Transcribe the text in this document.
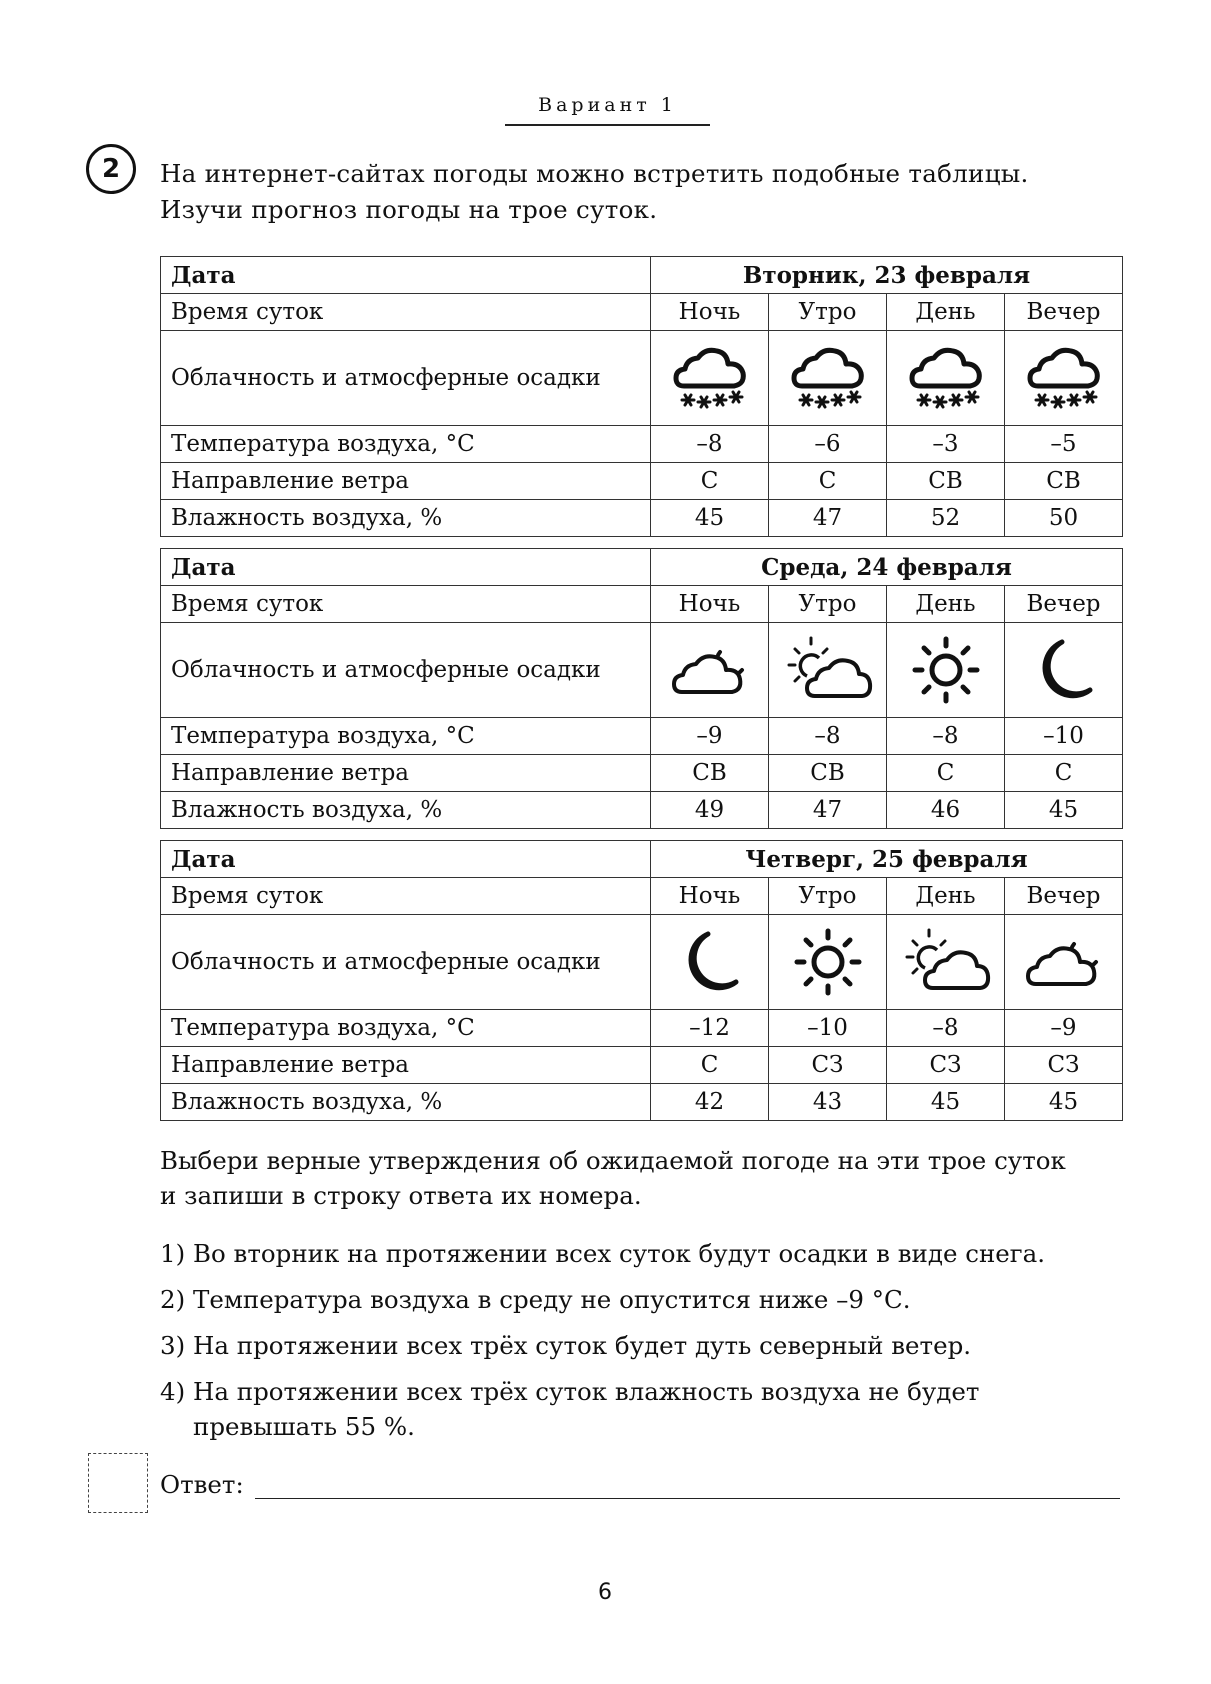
Вариант 1
2	На интернет-сайтах погоды можно встретить подобные таблицы.

Изучи прогноз погоды на трое суток.

Дата	Вторник, 23 февраля			
Время суток	Ночь	Утро	День	Вечер
Облачность и атмосферные осадки	

Температура воздуха, °С	–8	–6	–3	–5
Направление ветра	С	С	СВ	СВ
Влажность воздуха, %	45	47	52	50
Дата	Среда, 24 февраля			
Время суток	Ночь	Утро	День	Вечер
Облачность и атмосферные осадки	

Температура воздуха, °С	–9	–8	–8	–10
Направление ветра	СВ	СВ	С	С
Влажность воздуха, %	49	47	46	45
Дата	Четверг, 25 февраля			
Время суток	Ночь	Утро	День	Вечер
Облачность и атмосферные осадки	

Температура воздуха, °С	–12	–10	–8	–9
Направление ветра	С	СЗ	СЗ	СЗ
Влажность воздуха, %	42	43	45	45

Выбери верные утверждения об ожидаемой погоде на эти трое суток

и запиши в строку ответа их номера.

1) Во вторник на протяжении всех суток будут осадки в виде снега.
2) Температура воздуха в среду не опустится ниже –9 °С.
3) На протяжении всех трёх суток будет дуть северный ветер.
4) На протяжении всех трёх суток влажность воздуха не будет превышать 55 %.
Ответ:
6
